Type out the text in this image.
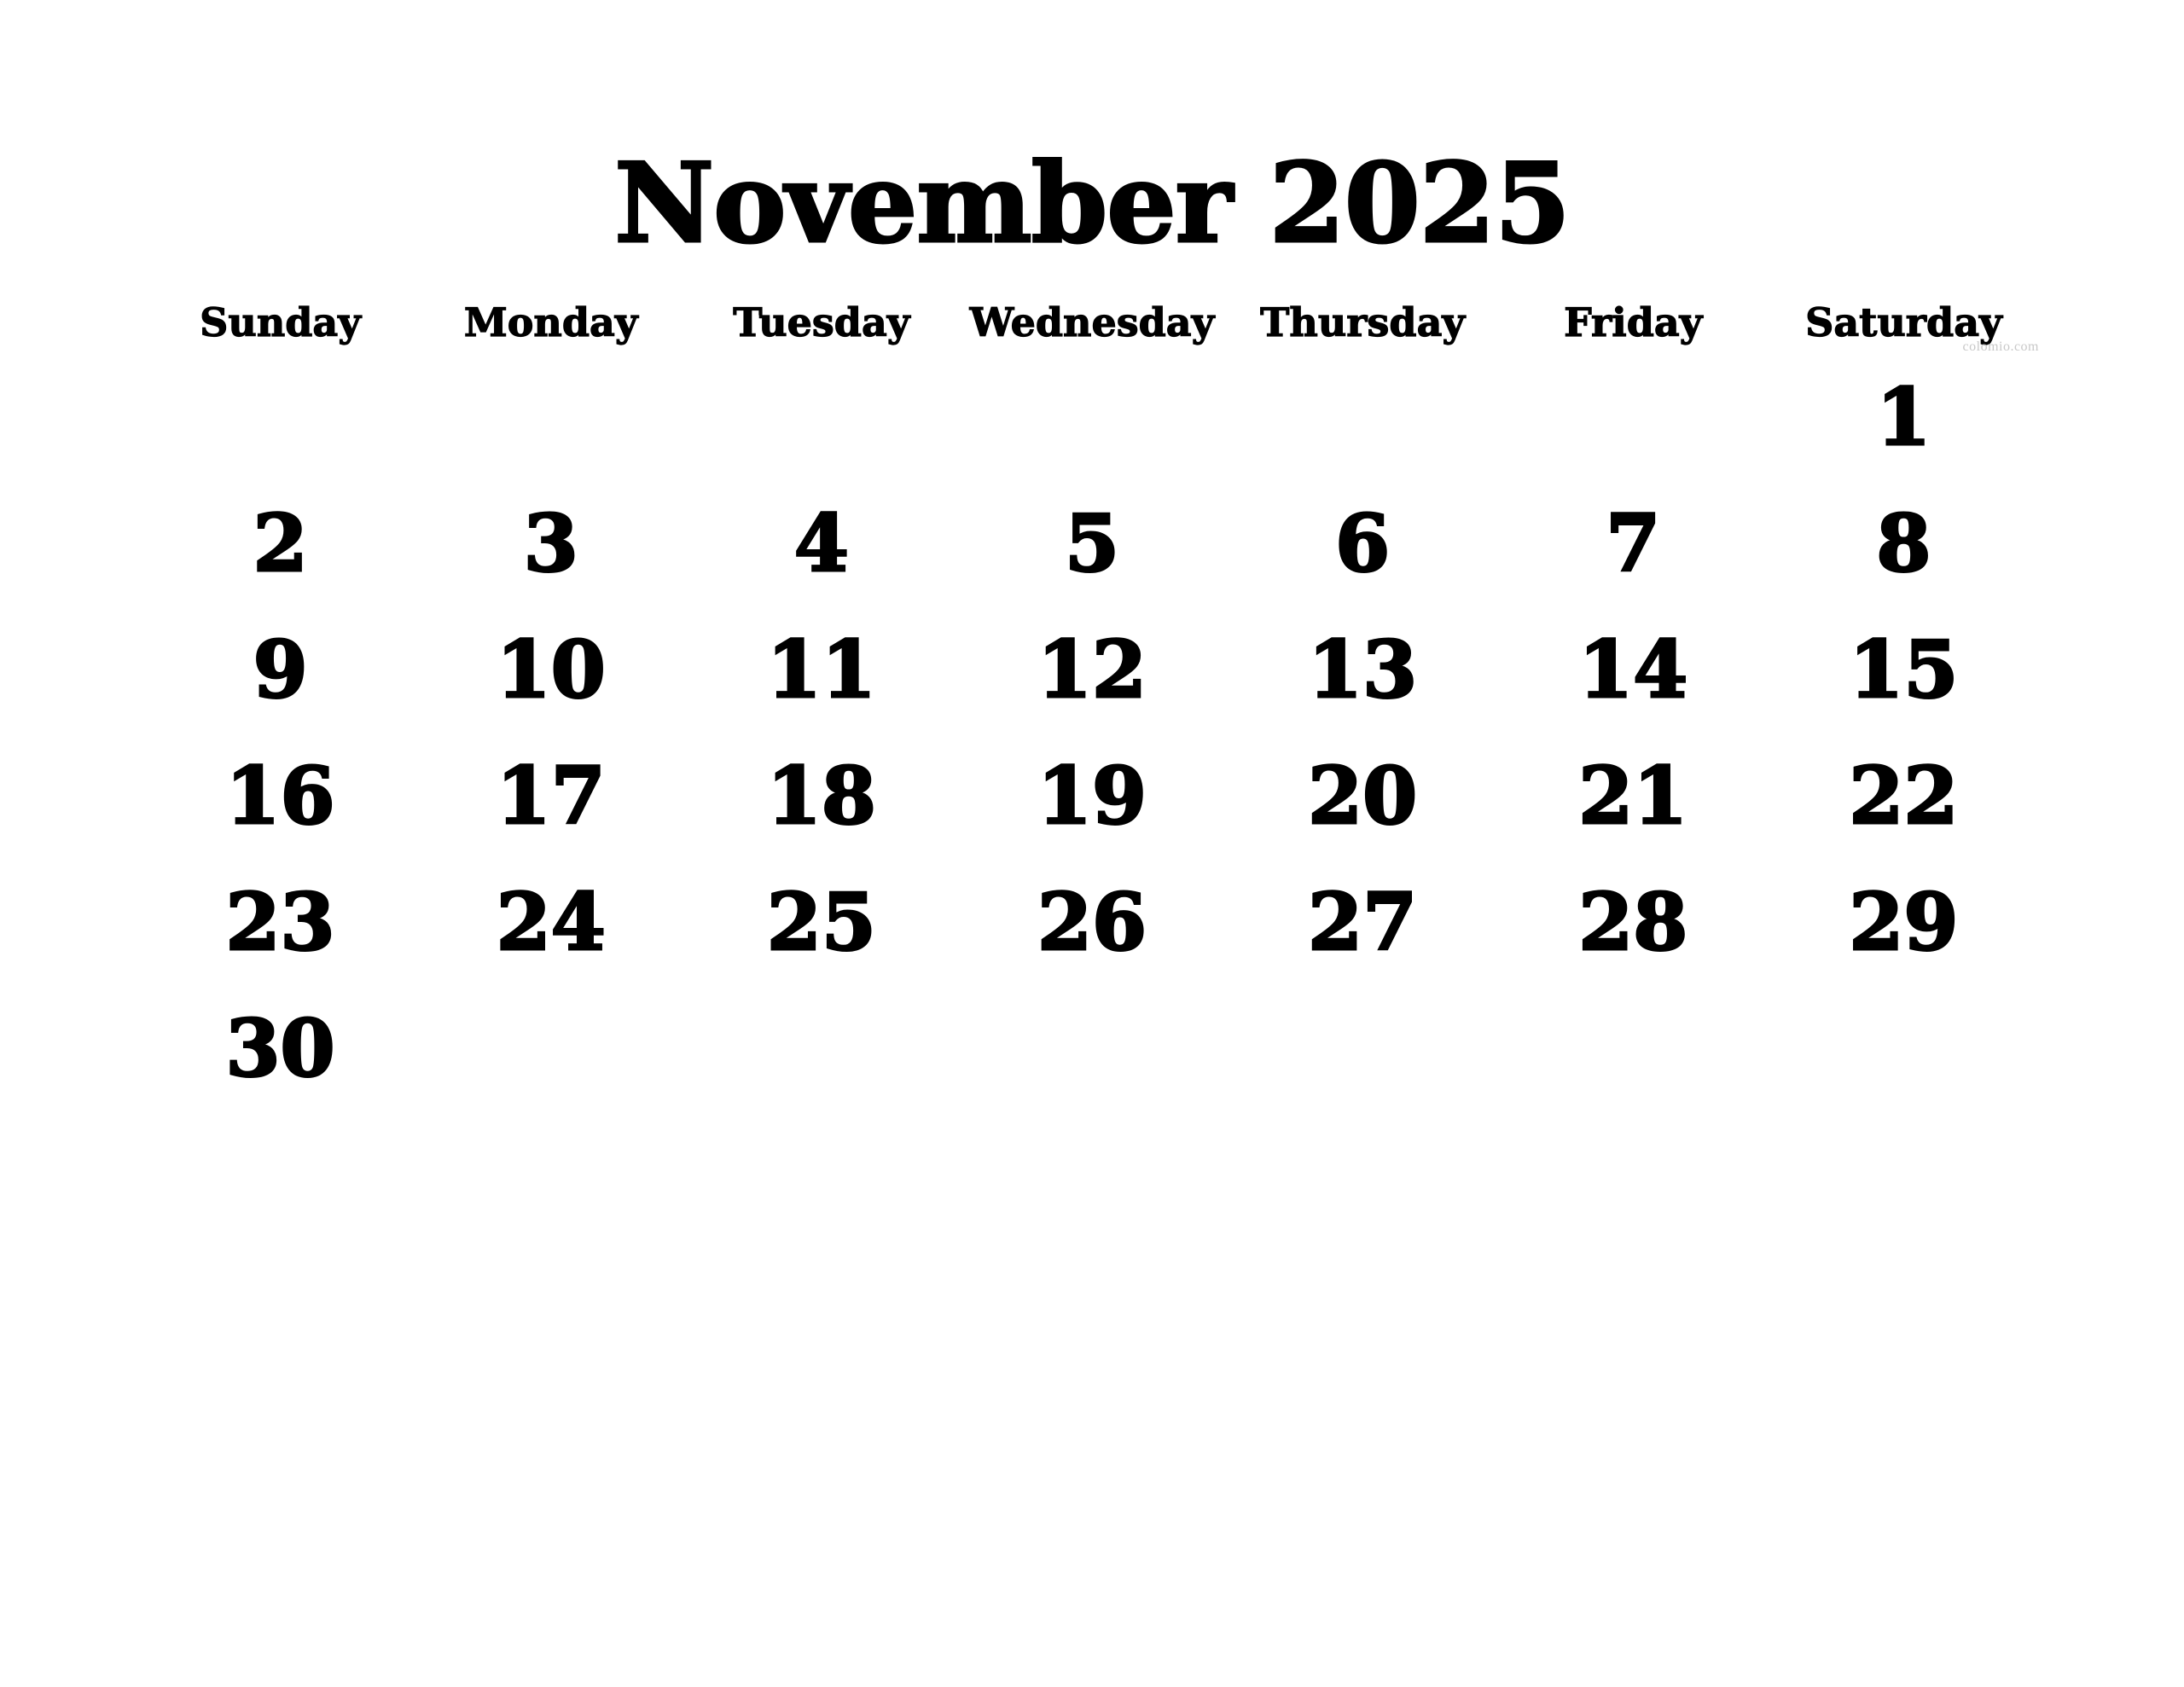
November 2025
colomio.com
Sunday	Monday	Tuesday	Wednesday	Thursday	Friday	Saturday
						1
2	3	4	5	6	7	8
9	10	11	12	13	14	15
16	17	18	19	20	21	22
23	24	25	26	27	28	29
30						
